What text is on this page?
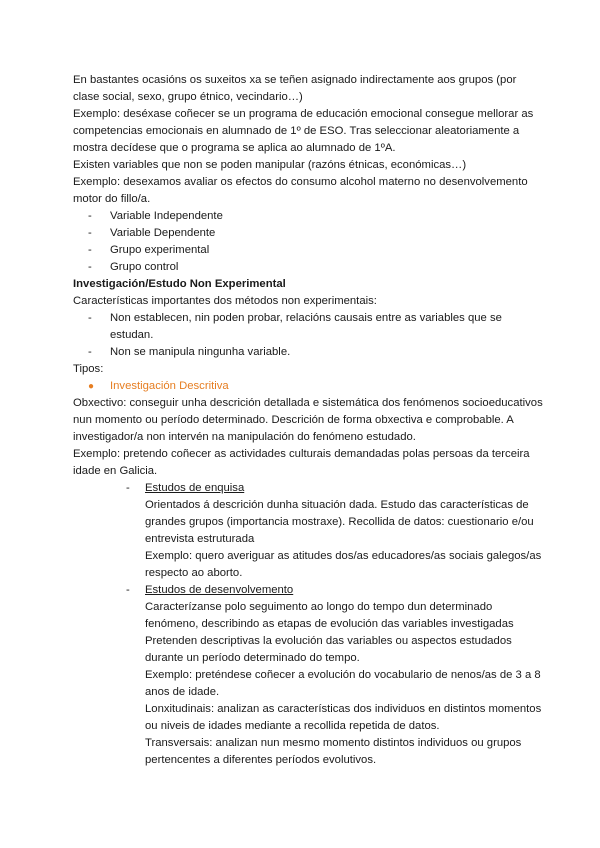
En bastantes ocasións os suxeitos xa se teñen asignado indirectamente aos grupos (por clase social, sexo, grupo étnico, vecindario…)

Exemplo: deséxase coñecer se un programa de educación emocional consegue mellorar as competencias emocionais en alumnado de 1º de ESO. Tras seleccionar aleatoriamente a mostra decídese que o programa se aplica ao alumnado de 1ºA.

Existen variables que non se poden manipular (razóns étnicas, económicas…)

Exemplo: desexamos avaliar os efectos do consumo alcohol materno no desenvolvemento motor do fillo/a.

-	Variable Independente
-	Variable Dependente
-	Grupo experimental
-	Grupo control

Investigación/Estudo Non Experimental

Características importantes dos métodos non experimentais:

-	Non establecen, nin poden probar, relacións causais entre as variables que se estudan.
-	Non se manipula ningunha variable.

Tipos:

●	Investigación Descritiva

Obxectivo: conseguir unha descrición detallada e sistemática dos fenómenos socioeducativos nun momento ou período determinado. Descrición de forma obxectiva e comprobable. A investigador/a non intervén na manipulación do fenómeno estudado.

Exemplo: pretendo coñecer as actividades culturais demandadas polas persoas da terceira idade en Galicia.

-	Estudos de enquisa

Orientados á descrición dunha situación dada. Estudo das características de grandes grupos (importancia mostraxe). Recollida de datos: cuestionario e/ou entrevista estruturada

Exemplo: quero averiguar as atitudes dos/as educadores/as sociais galegos/as respecto ao aborto.

-	Estudos de desenvolvemento

Caracterízanse polo seguimento ao longo do tempo dun determinado fenómeno, describindo as etapas de evolución das variables investigadas

Pretenden descriptivas la evolución das variables ou aspectos estudados durante un período determinado do tempo.

Exemplo: preténdese coñecer a evolución do vocabulario de nenos/as de 3 a 8 anos de idade.

Lonxitudinais: analizan as características dos individuos en distintos momentos ou niveis de idades mediante a recollida repetida de datos.

Transversais: analizan nun mesmo momento distintos individuos ou grupos pertencentes a diferentes períodos evolutivos.
